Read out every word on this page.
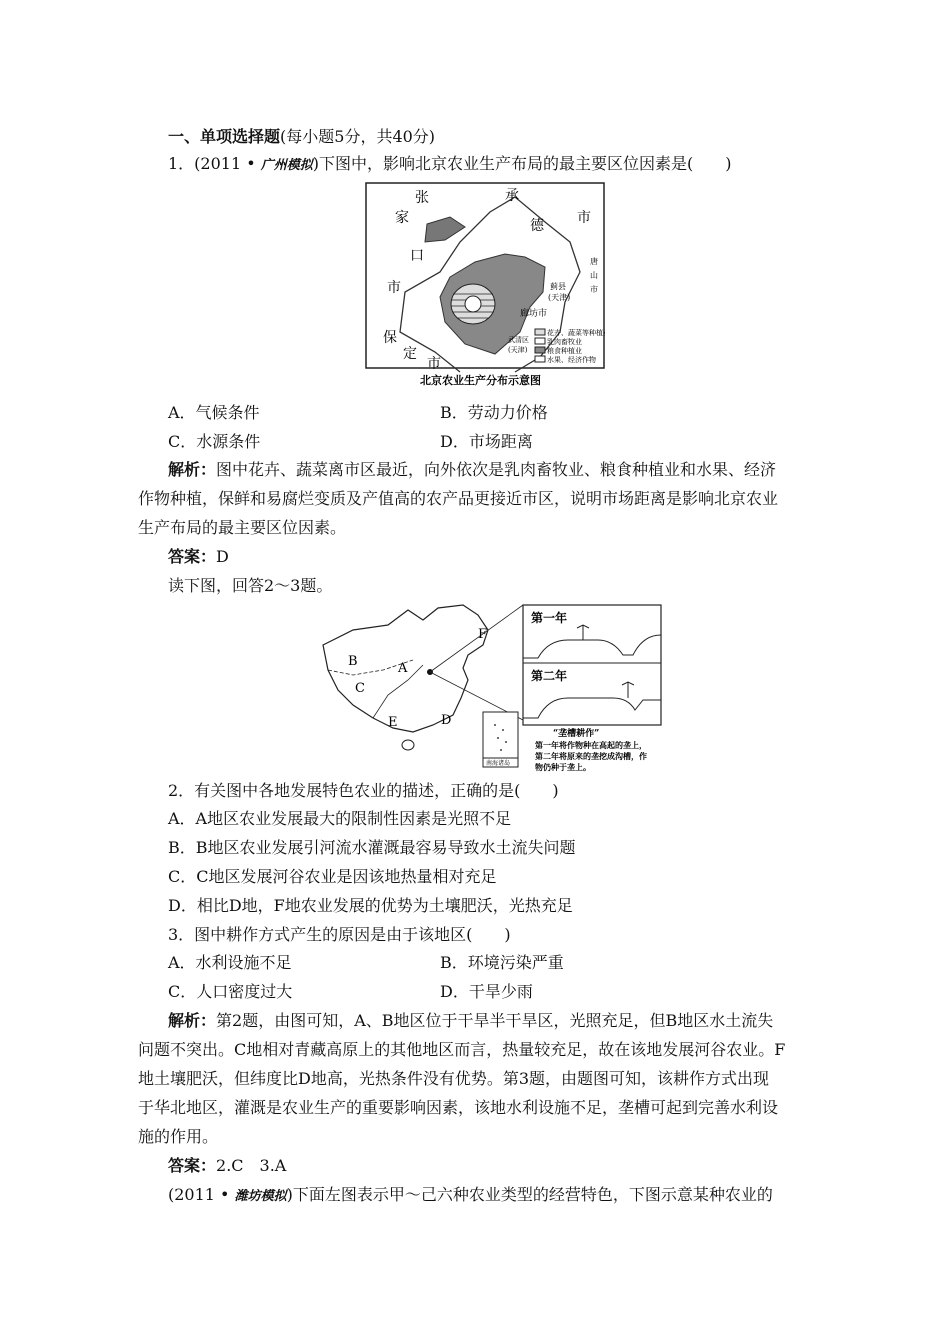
一、单项选择题(每小题5分，共40分)
1．(2011 • 广州模拟)下图中，影响北京农业生产布局的最主要区位因素是(　　)
张
家
口
市
承
德 市
保
定
市
蓟县
(天津)
唐
山
市
廊坊市
武清区
(天津)
花卉、蔬菜等种植业
乳肉畜牧业
粮食种植业
水果、经济作物
北京农业生产分布示意图
A．气候条件	B．劳动力价格
C．水源条件	D．市场距离
解析：图中花卉、蔬菜离市区最近，向外依次是乳肉畜牧业、粮食种植业和水果、经济
作物种植，保鲜和易腐烂变质及产值高的农产品更接近市区，说明市场距离是影响北京农业
生产布局的最主要区位因素。
答案：D
读下图，回答2～3题。
南海诸岛
B	A
C
E	D
F
第一年
第二年
“垄槽耕作”
第一年将作物种在高起的垄上，
第二年将原来的垄挖成沟槽，作
物仍种于垄上。
2．有关图中各地发展特色农业的描述，正确的是(　　)
A．A地区农业发展最大的限制性因素是光照不足
B．B地区农业发展引河流水灌溉最容易导致水土流失问题
C．C地区发展河谷农业是因该地热量相对充足
D．相比D地，F地农业发展的优势为土壤肥沃，光热充足
3．图中耕作方式产生的原因是由于该地区(　　)
A．水利设施不足	B．环境污染严重
C．人口密度过大	D．干旱少雨
解析：第2题，由图可知，A、B地区位于干旱半干旱区，光照充足，但B地区水土流失
问题不突出。C地相对青藏高原上的其他地区而言，热量较充足，故在该地发展河谷农业。F
地土壤肥沃，但纬度比D地高，光热条件没有优势。第3题，由题图可知，该耕作方式出现
于华北地区，灌溉是农业生产的重要影响因素，该地水利设施不足，垄槽可起到完善水利设
施的作用。
答案：2.C　3.A
(2011 • 潍坊模拟)下面左图表示甲～己六种农业类型的经营特色，下图示意某种农业的
